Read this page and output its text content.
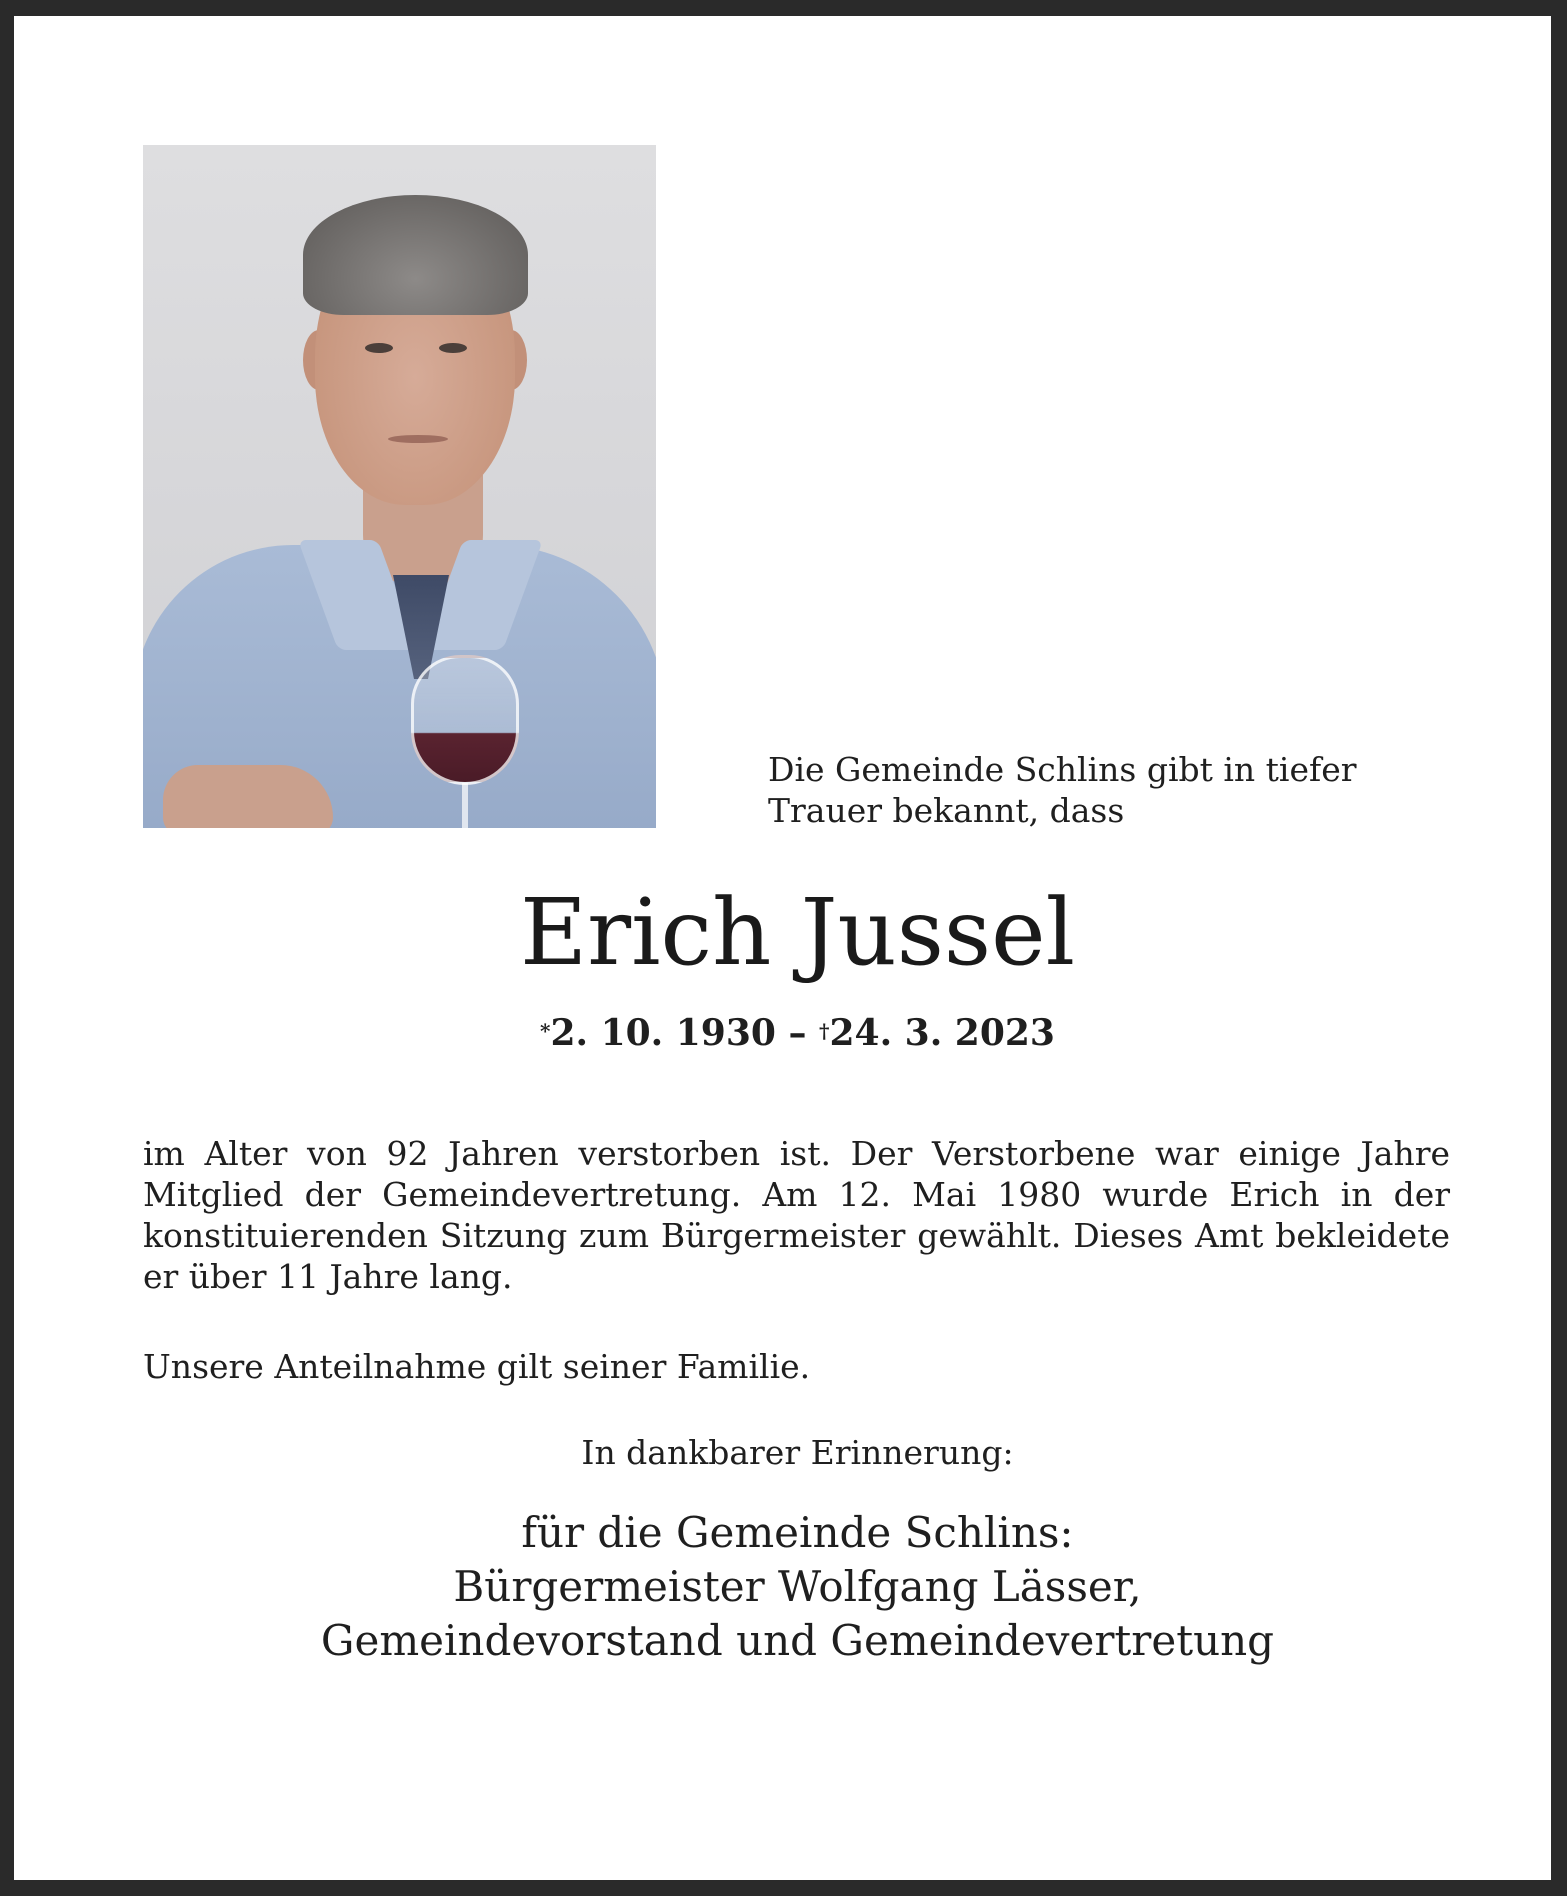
Die Gemeinde Schlins gibt in tiefer
Trauer bekannt, dass
Erich Jussel
*2. 10. 1930 – †24. 3. 2023
im Alter von 92 Jahren verstorben ist. Der Verstorbene war einige Jahre Mitglied der Gemeindevertretung. Am 12. Mai 1980 wurde Erich in der konstituierenden Sitzung zum Bürgermeister gewählt. Dieses Amt bekleidete er über 11 Jahre lang.
Unsere Anteilnahme gilt seiner Familie.
In dankbarer Erinnerung:
für die Gemeinde Schlins:
Bürgermeister Wolfgang Lässer,
Gemeindevorstand und Gemeindevertretung
